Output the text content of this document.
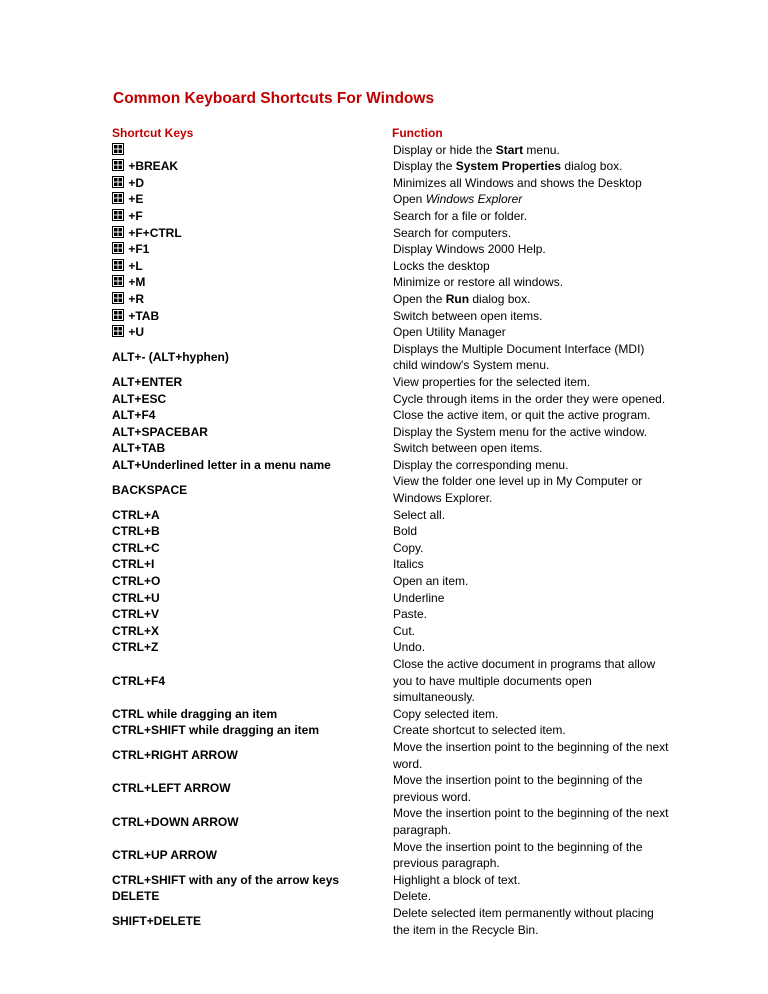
Common Keyboard Shortcuts For Windows
Shortcut Keys	Function
	Display or hide the Start menu.
+BREAK	Display the System Properties dialog box.
+D	Minimizes all Windows and shows the Desktop
+E	Open Windows Explorer
+F	Search for a file or folder.
+F+CTRL	Search for computers.
+F1	Display Windows 2000 Help.
+L	Locks the desktop
+M	Minimize or restore all windows.
+R	Open the Run dialog box.
+TAB	Switch between open items.
+U	Open Utility Manager
ALT+- (ALT+hyphen)	Displays the Multiple Document Interface (MDI) child window's System menu.
ALT+ENTER	View properties for the selected item.
ALT+ESC	Cycle through items in the order they were opened.
ALT+F4	Close the active item, or quit the active program.
ALT+SPACEBAR	Display the System menu for the active window.
ALT+TAB	Switch between open items.
ALT+Underlined letter in a menu name	Display the corresponding menu.
BACKSPACE	View the folder one level up in My Computer or Windows Explorer.
CTRL+A	Select all.
CTRL+B	Bold
CTRL+C	Copy.
CTRL+I	Italics
CTRL+O	Open an item.
CTRL+U	Underline
CTRL+V	Paste.
CTRL+X	Cut.
CTRL+Z	Undo.
CTRL+F4	Close the active document in programs that allow you to have multiple documents open simultaneously.
CTRL while dragging an item	Copy selected item.
CTRL+SHIFT while dragging an item	Create shortcut to selected item.
CTRL+RIGHT ARROW	Move the insertion point to the beginning of the next word.
CTRL+LEFT ARROW	Move the insertion point to the beginning of the previous word.
CTRL+DOWN ARROW	Move the insertion point to the beginning of the next paragraph.
CTRL+UP ARROW	Move the insertion point to the beginning of the previous paragraph.
CTRL+SHIFT with any of the arrow keys	Highlight a block of text.
DELETE	Delete.
SHIFT+DELETE	Delete selected item permanently without placing the item in the Recycle Bin.
